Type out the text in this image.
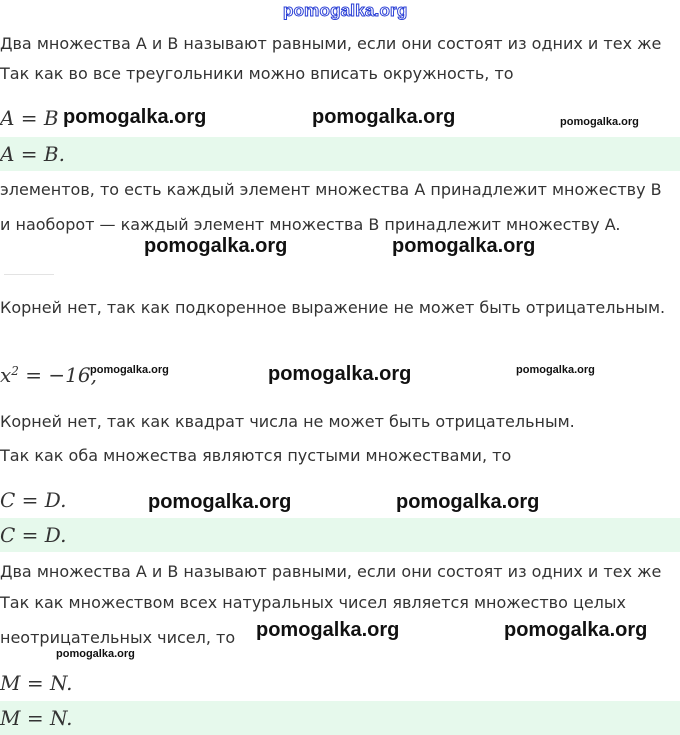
pomogalka.org
Два множества A и B называют равными, если они состоят из одних и тех же
Так как во все треугольники можно вписать окружность, то
A = B
A = B.
элементов, то есть каждый элемент множества A принадлежит множеству B
и наоборот — каждый элемент множества B принадлежит множеству A.
Корней нет, так как подкоренное выражение не может быть отрицательным.
$x^2 = -16$,
Корней нет, так как квадрат числа не может быть отрицательным.
Так как оба множества являются пустыми множествами, то
C = D.
C = D.
Два множества A и B называют равными, если они состоят из одних и тех же
Так как множеством всех натуральных чисел является множество целых
неотрицательных чисел, то
M = N.
M = N.
pomogalka.org	pomogalka.org	pomogalka.org
pomogalka.org	pomogalka.org
pomogalka.org	pomogalka.org	pomogalka.org
pomogalka.org	pomogalka.org
pomogalka.org	pomogalka.org
pomogalka.org
